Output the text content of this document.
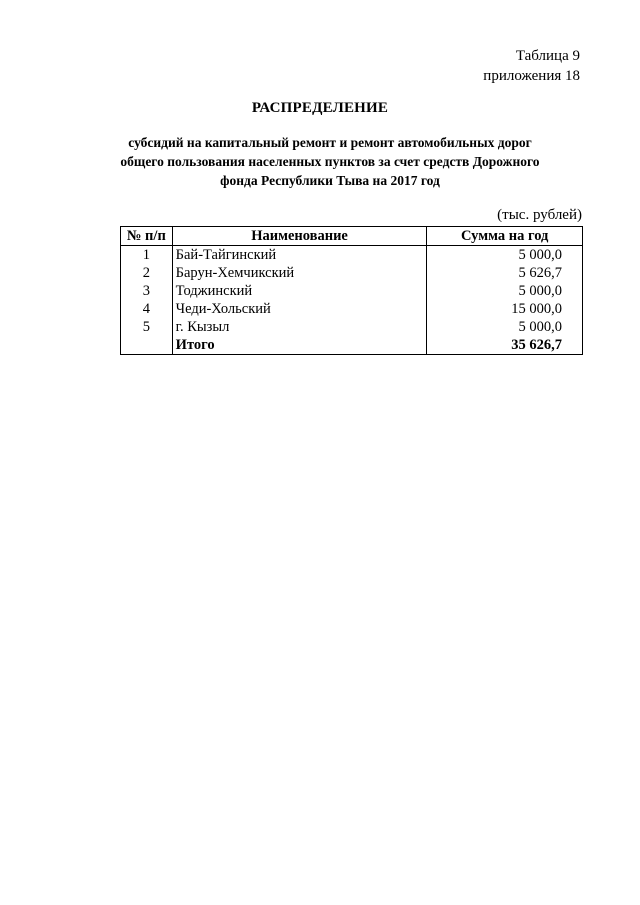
Таблица 9
приложения 18
РАСПРЕДЕЛЕНИЕ
субсидий на капитальный ремонт и ремонт автомобильных дорог
общего пользования населенных пунктов за счет средств Дорожного
фонда Республики Тыва на 2017 год
(тыс. рублей)
№ п/п	Наименование	Сумма на год
1	Бай-Тайгинский	5 000,0
2	Барун-Хемчикский	5 626,7
3	Тоджинский	5 000,0
4	Чеди-Хольский	15 000,0
5	г. Кызыл	5 000,0
	Итого	35 626,7
